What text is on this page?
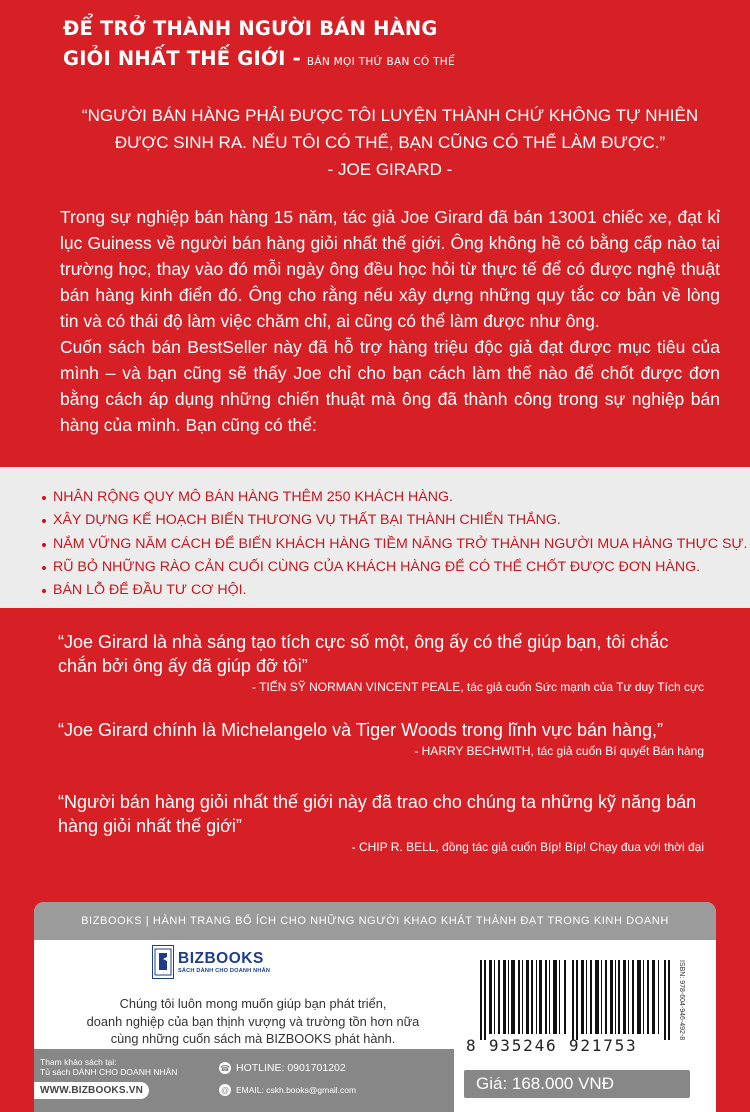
ĐỂ TRỞ THÀNH NGƯỜI BÁN HÀNG
GIỎI NHẤT THẾ GIỚI - BÁN MỌI THỨ BẠN CÓ THỂ
“NGƯỜI BÁN HÀNG PHẢI ĐƯỢC TÔI LUYỆN THÀNH CHỨ KHÔNG TỰ NHIÊN
ĐƯỢC SINH RA. NẾU TÔI CÓ THỂ, BẠN CŨNG CÓ THỂ LÀM ĐƯỢC.”
- JOE GIRARD -

Trong sự nghiệp bán hàng 15 năm, tác giả Joe Girard đã bán 13001 chiếc xe, đạt kỉ lục Guiness về người bán hàng giỏi nhất thế giới. Ông không hề có bằng cấp nào tại trường học, thay vào đó mỗi ngày ông đều học hỏi từ thực tế để có được nghệ thuật bán hàng kinh điển đó. Ông cho rằng nếu xây dựng những quy tắc cơ bản về lòng tin và có thái độ làm việc chăm chỉ, ai cũng có thể làm được như ông.

Cuốn sách bán BestSeller này đã hỗ trợ hàng triệu độc giả đạt được mục tiêu của mình – và bạn cũng sẽ thấy Joe chỉ cho bạn cách làm thế nào để chốt được đơn bằng cách áp dụng những chiến thuật mà ông đã thành công trong sự nghiệp bán hàng của mình. Bạn cũng có thể:

NHÂN RỘNG QUY MÔ BÁN HÀNG THÊM 250 KHÁCH HÀNG.
XÂY DỰNG KẾ HOẠCH BIẾN THƯƠNG VỤ THẤT BẠI THÀNH CHIẾN THẮNG.
NẮM VỮNG NĂM CÁCH ĐỂ BIẾN KHÁCH HÀNG TIỀM NĂNG TRỞ THÀNH NGƯỜI MUA HÀNG THỰC SỰ.
RŨ BỎ NHỮNG RÀO CẢN CUỐI CÙNG CỦA KHÁCH HÀNG ĐỂ CÓ THỂ CHỐT ĐƯỢC ĐƠN HÀNG.
BÁN LỖ ĐỂ ĐẦU TƯ CƠ HỘI.
“Joe Girard là nhà sáng tạo tích cực số một, ông ấy có thể giúp bạn, tôi chắc chắn bởi ông ấy đã giúp đỡ tôi”
- TIẾN SỸ NORMAN VINCENT PEALE, tác giả cuốn Sức mạnh của Tư duy Tích cực
“Joe Girard chính là Michelangelo và Tiger Woods trong lĩnh vực bán hàng,”
- HARRY BECHWITH, tác giả cuốn Bí quyết Bán hàng
“Người bán hàng giỏi nhất thế giới này đã trao cho chúng ta những kỹ năng bán hàng giỏi nhất thế giới”
- CHIP R. BELL, đồng tác giả cuốn Bíp! Bíp! Chạy đua với thời đại
BIZBOOKS | HÀNH TRANG BỔ ÍCH CHO NHỮNG NGƯỜI KHAO KHÁT THÀNH ĐẠT TRONG KINH DOANH
BIZBOOKS
SÁCH DÀNH CHO DOANH NHÂN
Chúng tôi luôn mong muốn giúp bạn phát triển,
doanh nghiệp của bạn thịnh vượng và trường tồn hơn nữa
cùng những cuốn sách mà BIZBOOKS phát hành.
Tham khảo sách tại:
Tủ sách DÀNH CHO DOANH NHÂN
WWW.BIZBOOKS.VN
☎ HOTLINE: 0901701202
@ EMAIL: cskh.books@gmail.com
8 935246 921753
ISBN: 978-604-946-492-8
Giá: 168.000 VNĐ
